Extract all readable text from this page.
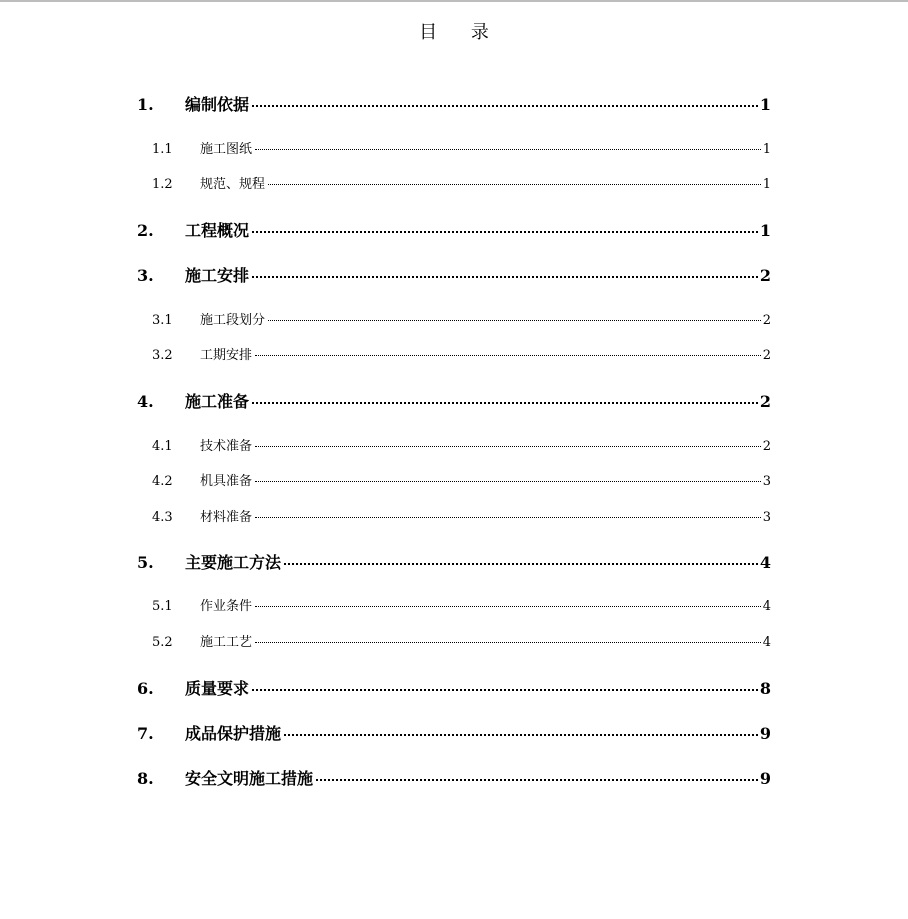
目 录
1.	编制依据	1
1.1	施工图纸	1
1.2	规范、规程	1
2.	工程概况	1
3.	施工安排	2
3.1	施工段划分	2
3.2	工期安排	2
4.	施工准备	2
4.1	技术准备	2
4.2	机具准备	3
4.3	材料准备	3
5.	主要施工方法	4
5.1	作业条件	4
5.2	施工工艺	4
6.	质量要求	8
7.	成品保护措施	9
8.	安全文明施工措施	9
